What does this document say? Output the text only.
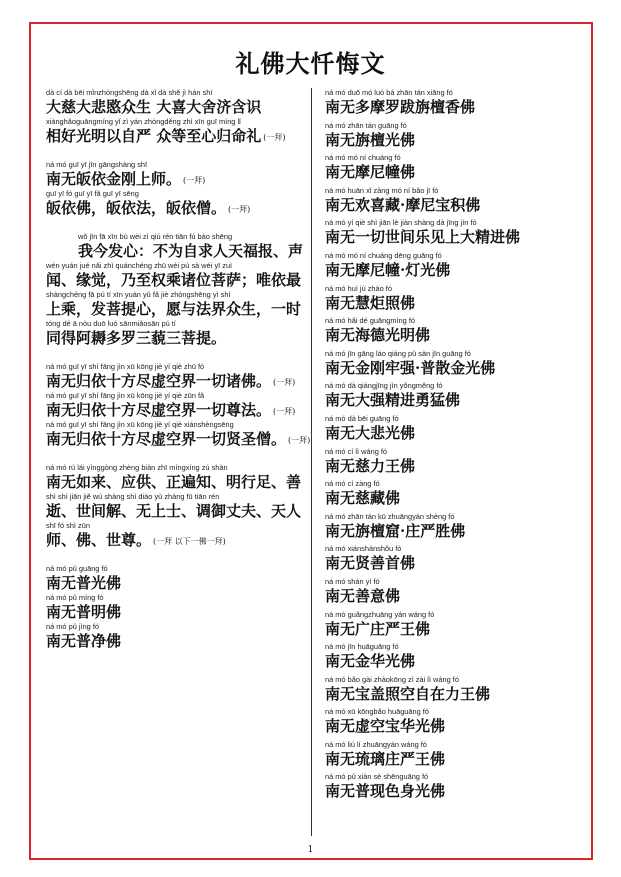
礼佛大忏悔文
dà cí dà bēi mǐnzhòngshēng dà xǐ dà shě jì hán shí
大慈大悲愍众生 大喜大舍济含识
xiànghǎoguāngmíng yǐ zì yán zhòngděng zhì xīn guī mìng lǐ
相好光明以自严 众等至心归命礼 (一拜)
ná mó guī yī jīn gāngshàng shī
南无皈依金刚上师。 (一拜)
guī yī fó guī yī fǎ guī yī sēng
皈依佛，皈依法，皈依僧。 (一拜)
wǒ jīn fā xīn bù wèi zì qiú rén tiān fú bào shēng
我今发心：不为自求人天福报、声
wén yuán jué nǎi zhì quánchéng zhū wèi pú sà wéi yī zuì
闻、缘觉，乃至权乘诸位菩萨；唯依最
shàngchéng fā pú tí xīn yuàn yǔ fǎ jiè zhòngshēng yì shí
上乘，发菩提心，愿与法界众生，一时
tóng dé ā nòu duō luó sānmiǎosān pú tí
同得阿耨多罗三藐三菩提。
ná mó guī yī shí fāng jìn xū kōng jiè yí qiè zhū fó
南无归依十方尽虚空界一切诸佛。 (一拜)
ná mó guī yī shí fāng jìn xū kōng jiè yí qiè zūn fǎ
南无归依十方尽虚空界一切尊法。 (一拜)
ná mó guī yī shí fāng jìn xū kōng jiè yí qiè xiánshèngsēng
南无归依十方尽虚空界一切贤圣僧。 (一拜)
ná mó rú lái yìnggòng zhèng biàn zhī míngxíng zú shàn
南无如来、应供、正遍知、明行足、善
shì shì jiān jiě wú shàng shì diào yù zhàng fū tiān rén
逝、世间解、无上士、调御丈夫、天人
shī fó shì zūn
师、佛、世尊。 (一拜 以下一佛一拜)
ná mó pǔ guāng fó
南无普光佛
ná mó pǔ míng fó
南无普明佛
ná mó pǔ jìng fó
南无普净佛
ná mó duō mó luó bá zhān tán xiāng fó
南无多摩罗跋旃檀香佛
ná mó zhān tán guāng fó
南无旃檀光佛
ná mó mó ní chuáng fó
南无摩尼幢佛
ná mó huān xǐ zàng mó ní bǎo jī fó
南无欢喜藏·摩尼宝积佛
ná mó yí qiè shì jiān lè jiàn shàng dà jīng jìn fó
南无一切世间乐见上大精进佛
ná mó mó ní chuáng dēng guāng fó
南无摩尼幢·灯光佛
ná mó huì jù zhào fó
南无慧炬照佛
ná mó hǎi dé guāngmíng fó
南无海德光明佛
ná mó jīn gāng láo qiáng pǔ sàn jīn guāng fó
南无金刚牢强·普散金光佛
ná mó dà qiángjīng jìn yǒngměng fó
南无大强精进勇猛佛
ná mó dà bēi guāng fó
南无大悲光佛
ná mó cí lì wáng fó
南无慈力王佛
ná mó cí zàng fó
南无慈藏佛
ná mó zhān tán kū zhuāngyán shèng fó
南无旃檀窟·庄严胜佛
ná mó xiánshànshǒu fó
南无贤善首佛
ná mó shàn yì fó
南无善意佛
ná mó guǎngzhuāng yán wáng fó
南无广庄严王佛
ná mó jīn huāguāng fó
南无金华光佛
ná mó bǎo gài zhàokōng zì zài lì wáng fó
南无宝盖照空自在力王佛
ná mó xū kōngbǎo huāguāng fó
南无虚空宝华光佛
ná mó liú lí zhuāngyán wáng fó
南无琉璃庄严王佛
ná mó pǔ xiàn sè shēnguāng fó
南无普现色身光佛
1
